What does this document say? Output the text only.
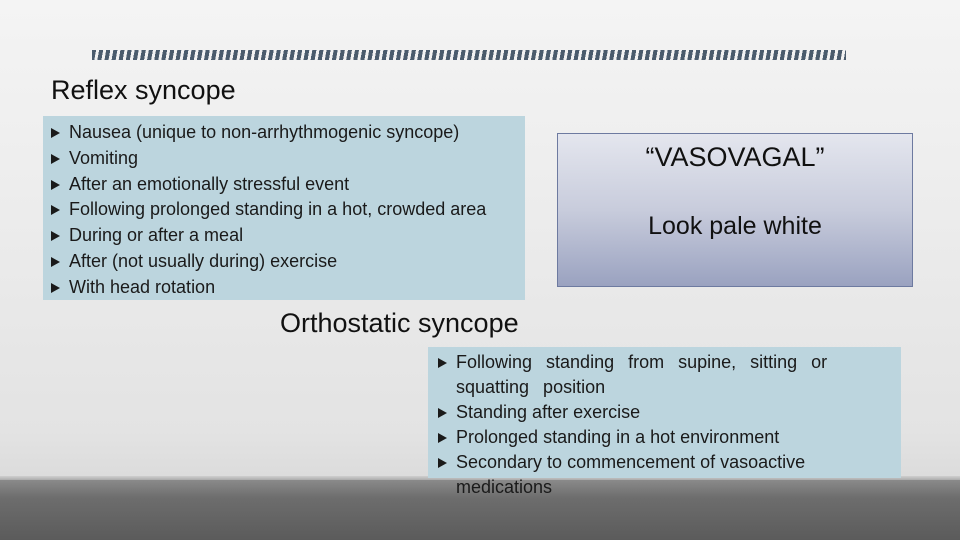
Reflex syncope
Nausea (unique to non-arrhythmogenic syncope)
Vomiting
After an emotionally stressful event
Following prolonged standing in a hot, crowded area
During or after a meal
After (not usually during) exercise
With head rotation
“VASOVAGAL”
Look pale white
Orthostatic syncope
Following standing from supine, sitting or squatting position
Standing after exercise
Prolonged standing in a hot environment
Secondary to commencement of vasoactive medications
